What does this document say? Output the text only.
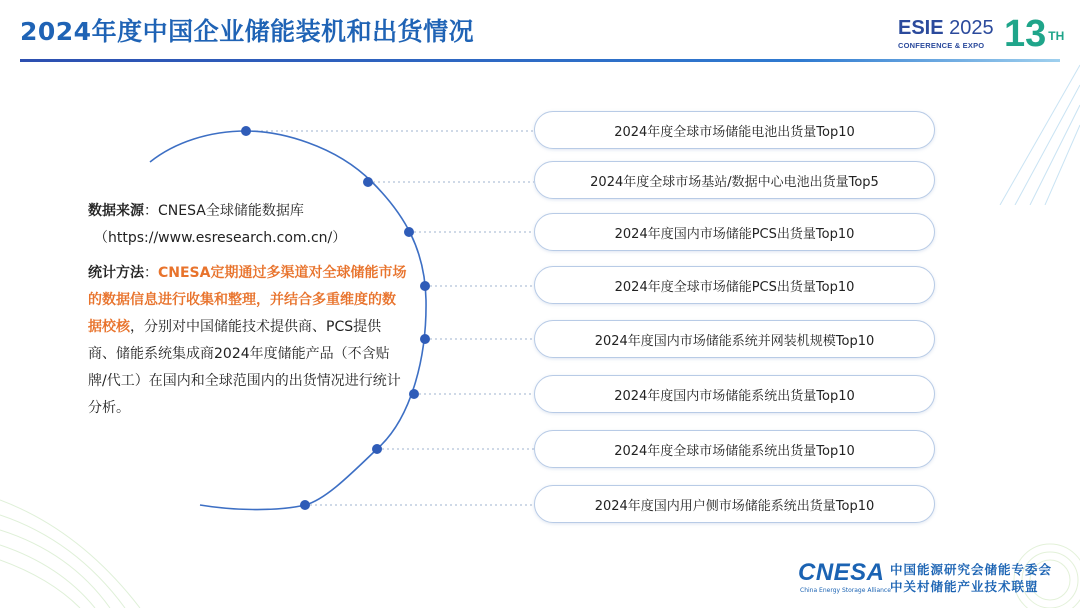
2024年度中国企业储能装机和出货情况	ESIE 2025
CONFERENCE & EXPO 13 $^{TH}$
数据来源：CNESA全球储能数据库
（https://www.esresearch.com.cn/）
统计方法：CNESA定期通过多渠道对全球储能市场的数据信息进行收集和整理，并结合多重维度的数据校核，分别对中国储能技术提供商、PCS提供商、储能系统集成商2024年度储能产品（不含贴牌/代工）在国内和全球范围内的出货情况进行统计分析。
2024年度全球市场储能电池出货量Top10
2024年度全球市场基站/数据中心电池出货量Top5
2024年度国内市场储能PCS出货量Top10
2024年度全球市场储能PCS出货量Top10
2024年度国内市场储能系统并网装机规模Top10
2024年度国内市场储能系统出货量Top10
2024年度全球市场储能系统出货量Top10
2024年度国内用户侧市场储能系统出货量Top10
CNESA
China Energy Storage Alliance
中国能源研究会储能专委会
中关村储能产业技术联盟
